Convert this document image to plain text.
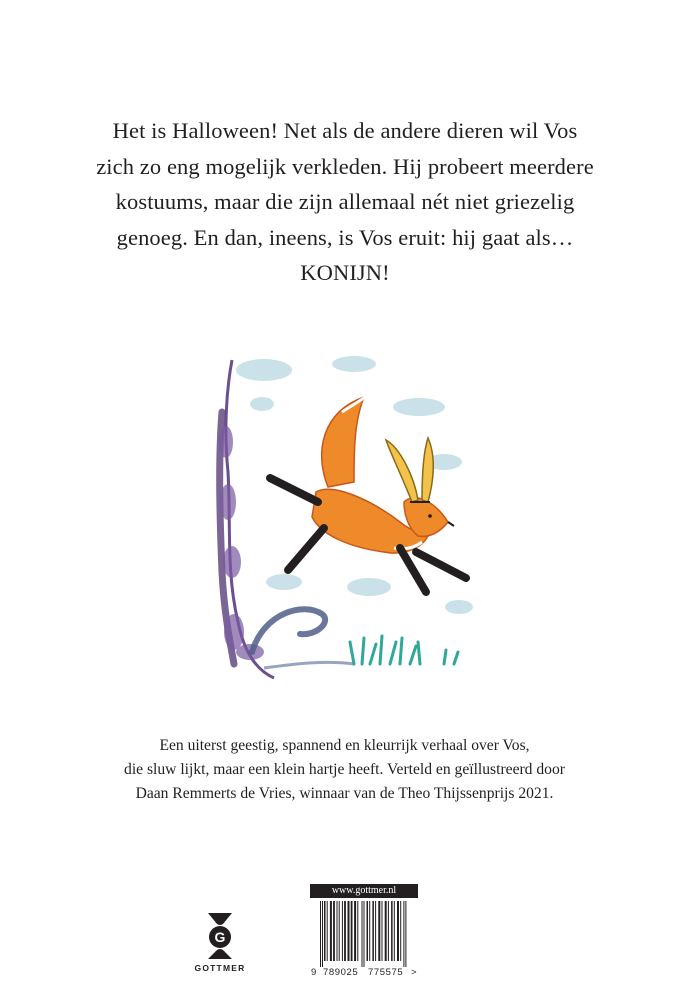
Het is Halloween! Net als de andere dieren wil Vos
zich zo eng mogelijk verkleden. Hij probeert meerdere
kostuums, maar die zijn allemaal nét niet griezelig
genoeg. En dan, ineens, is Vos eruit: hij gaat als…
KONIJN!
Een uiterst geestig, spannend en kleurrijk verhaal over Vos,
die sluw lijkt, maar een klein hartje heeft. Verteld en geïllustreerd door
Daan Remmerts de Vries, winnaar van de Theo Thijssenprijs 2021.
G
GOTTMER
www.gottmer.nl
9 789025 775575 >
